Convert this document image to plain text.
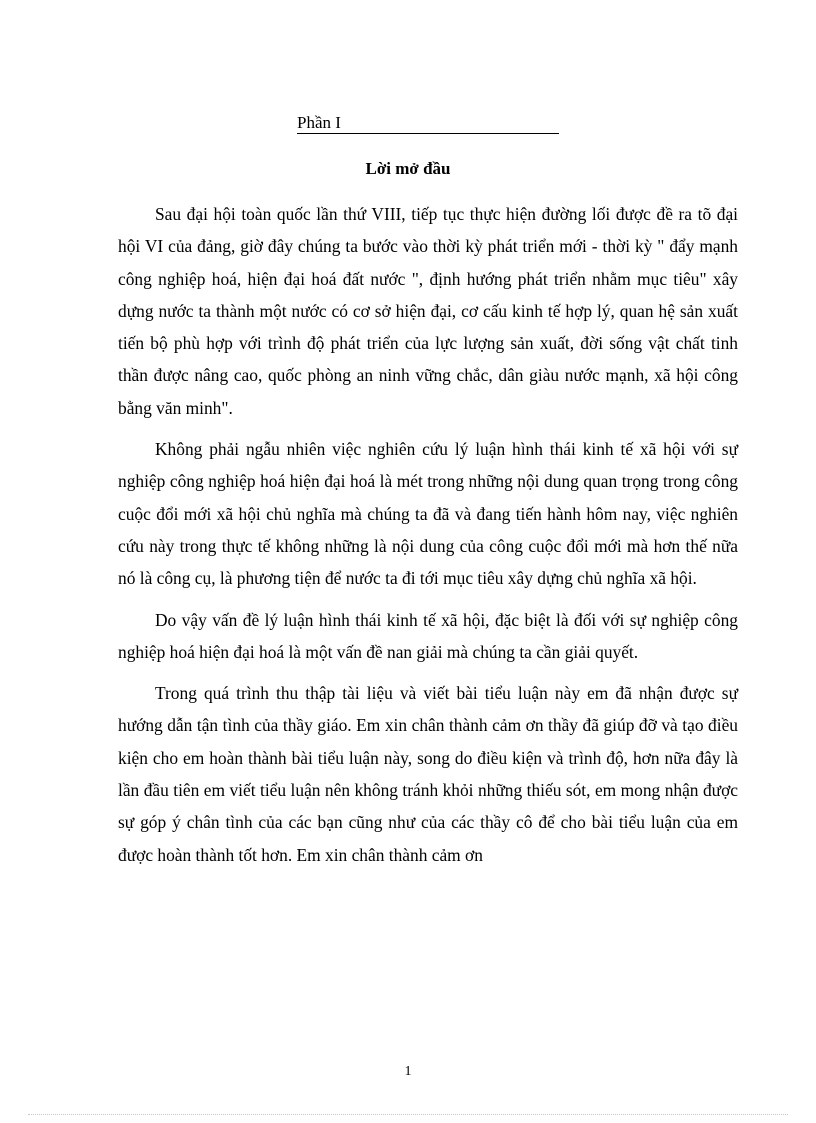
Phần I
Lời mở đầu

Sau đại hội toàn quốc lần thứ VIII, tiếp tục thực hiện đường lối được đề ra tõ đại hội VI của đảng, giờ đây chúng ta bước vào thời kỳ phát triển mới - thời kỳ " đẩy mạnh công nghiệp hoá, hiện đại hoá đất nước ", định hướng phát triển nhằm mục tiêu" xây dựng nước ta thành một nước có cơ sở hiện đại, cơ cấu kinh tế hợp lý, quan hệ sản xuất tiến bộ phù hợp với trình độ phát triển của lực lượng sản xuất, đời sống vật chất tinh thần được nâng cao, quốc phòng an ninh vững chắc, dân giàu nước mạnh, xã hội công bằng văn minh".

Không phải ngẫu nhiên việc nghiên cứu lý luận hình thái kinh tế xã hội với sự nghiệp công nghiệp hoá hiện đại hoá là mét trong những nội dung quan trọng trong công cuộc đổi mới xã hội chủ nghĩa mà chúng ta đã và đang tiến hành hôm nay, việc nghiên cứu này trong thực tế không những là nội dung của công cuộc đổi mới mà hơn thế nữa nó là công cụ, là phương tiện để nước ta đi tới mục tiêu xây dựng chủ nghĩa xã hội.

Do vậy vấn đề lý luận hình thái kinh tế xã hội, đặc biệt là đối với sự nghiệp công nghiệp hoá hiện đại hoá là một vấn đề nan giải mà chúng ta cần giải quyết.

Trong quá trình thu thập tài liệu và viết bài tiểu luận này em đã nhận được sự hướng dẫn tận tình của thầy giáo. Em xin chân thành cảm ơn thầy đã giúp đỡ và tạo điều kiện cho em hoàn thành bài tiểu luận này, song do điều kiện và trình độ, hơn nữa đây là lần đầu tiên em viết tiểu luận nên không tránh khỏi những thiếu sót, em mong nhận được sự góp ý chân tình của các bạn cũng như của các thầy cô để cho bài tiểu luận của em được hoàn thành tốt hơn. Em xin chân thành cảm ơn

1
